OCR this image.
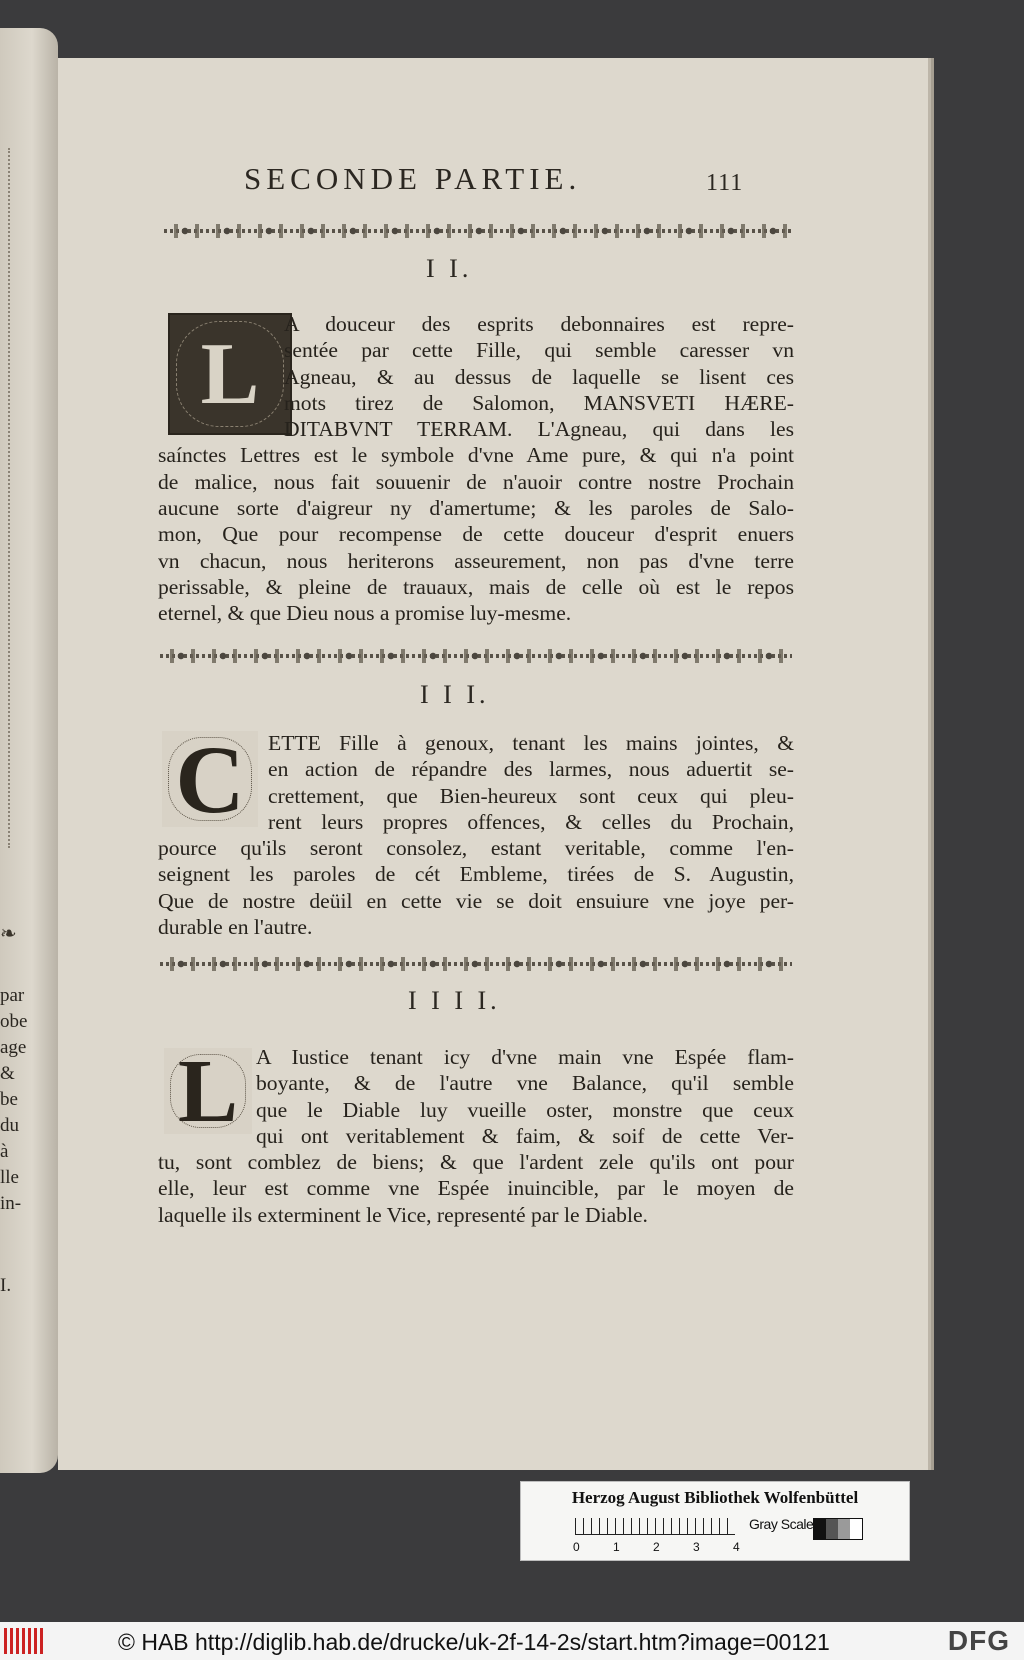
❧
par
obe
age
&
be
du
à
lle
in-
I.
SECONDE PARTIE.	111
I I.
L
A douceur des esprits debonnaires est repre-
sentée par cette Fille, qui semble caresser vn
Agneau, & au dessus de laquelle se lisent ces
mots tirez de Salomon, MANSVETI HÆRE-
DITABVNT TERRAM. L'Agneau, qui dans les
saínctes Lettres est le symbole d'vne Ame pure, & qui n'a point
de malice, nous fait souuenir de n'auoir contre nostre Prochain
aucune sorte d'aigreur ny d'amertume; & les paroles de Salo-
mon, Que pour recompense de cette douceur d'esprit enuers
vn chacun, nous heriterons asseurement, non pas d'vne terre
perissable, & pleine de trauaux, mais de celle où est le repos
eternel, & que Dieu nous a promise luy-mesme.
I I I.
C ETTE Fille à genoux, tenant les mains jointes, &
en action de répandre des larmes, nous aduertit se-
crettement, que Bien-heureux sont ceux qui pleu-
rent leurs propres offences, & celles du Prochain,
pource qu'ils seront consolez, estant veritable, comme l'en-
seignent les paroles de cét Embleme, tirées de S. Augustin,
Que de nostre deüil en cette vie se doit ensuiure vne joye per-
durable en l'autre.
I I I I.
L A Iustice tenant icy d'vne main vne Espée flam-
boyante, & de l'autre vne Balance, qu'il semble
que le Diable luy vueille oster, monstre que ceux
qui ont veritablement & faim, & soif de cette Ver-
tu, sont comblez de biens; & que l'ardent zele qu'ils ont pour
elle, leur est comme vne Espée inuincible, par le moyen de
laquelle ils exterminent le Vice, representé par le Diable.
Herzog August Bibliothek Wolfenbüttel
0	1	2	3	4
Gray Scale
© HAB http://diglib.hab.de/drucke/uk-2f-14-2s/start.htm?image=00121	DFG
